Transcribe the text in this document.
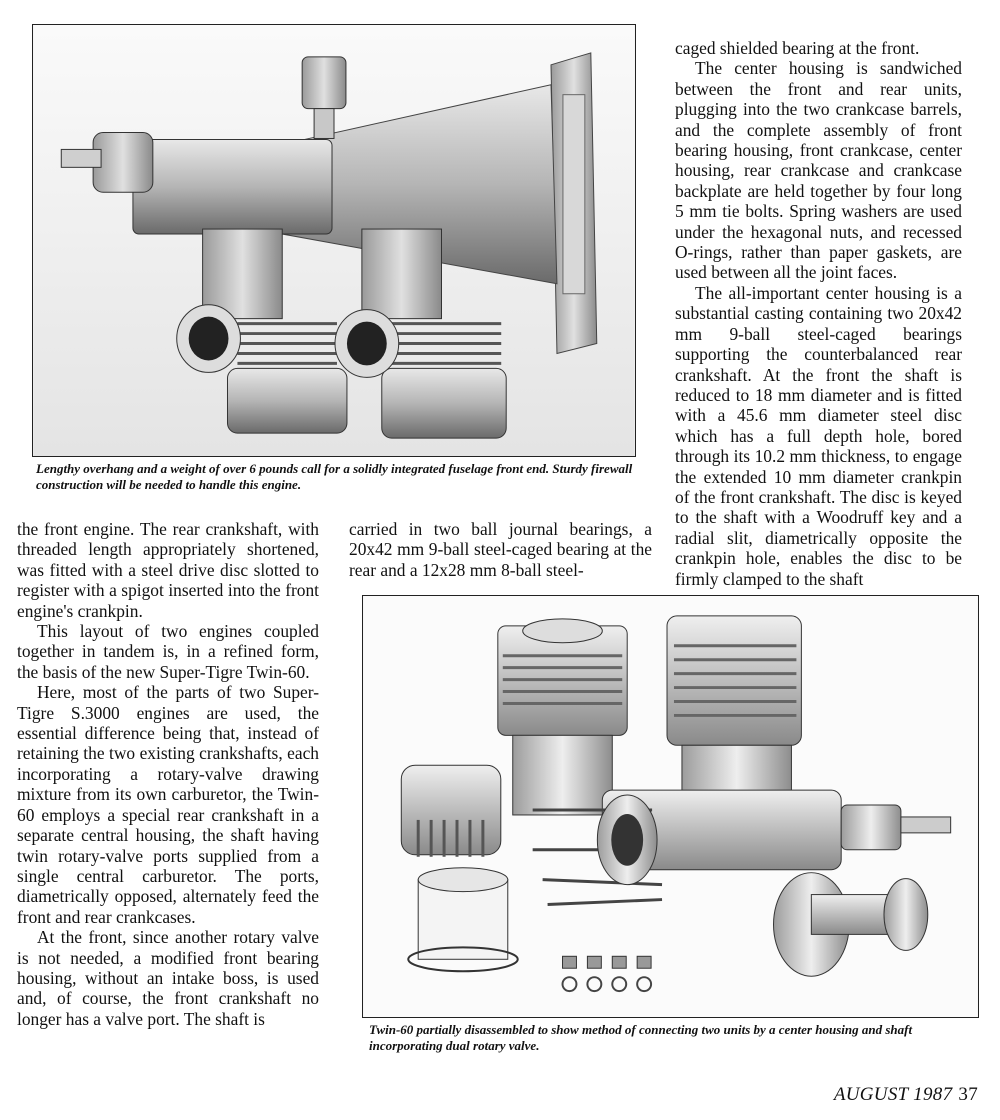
Lengthy overhang and a weight of over 6 pounds call for a solidly integrated fuselage front end. Sturdy firewall construction will be needed to handle this engine.

caged shielded bearing at the front.

The center housing is sandwiched between the front and rear units, plugging into the two crankcase barrels, and the complete assembly of front bearing housing, front crankcase, center housing, rear crankcase and crankcase backplate are held together by four long 5 mm tie bolts. Spring washers are used under the hexagonal nuts, and recessed O-rings, rather than paper gaskets, are used between all the joint faces.

The all-important center housing is a substantial casting containing two 20x42 mm 9-ball steel-caged bearings supporting the counterbalanced rear crankshaft. At the front the shaft is reduced to 18 mm diameter and is fitted with a 45.6 mm diameter steel disc which has a full depth hole, bored through its 10.2 mm thickness, to engage the extended 10 mm diameter crankpin of the front crankshaft. The disc is keyed to the shaft with a Woodruff key and a radial slit, diametrically opposite the crankpin hole, enables the disc to be firmly clamped to the shaft

the front engine. The rear crankshaft, with threaded length appropriately shortened, was fitted with a steel drive disc slotted to register with a spigot inserted into the front engine's crankpin.

This layout of two engines coupled together in tandem is, in a refined form, the basis of the new Super-Tigre Twin-60.

Here, most of the parts of two Super-Tigre S.3000 engines are used, the essential difference being that, instead of retaining the two existing crankshafts, each incorporating a rotary-valve drawing mixture from its own carburetor, the Twin-60 employs a special rear crankshaft in a separate central housing, the shaft having twin rotary-valve ports supplied from a single central carburetor. The ports, diametrically opposed, alternately feed the front and rear crankcases.

At the front, since another rotary valve is not needed, a modified front bearing housing, without an intake boss, is used and, of course, the front crankshaft no longer has a valve port. The shaft is

carried in two ball journal bearings, a 20x42 mm 9-ball steel-caged bearing at the rear and a 12x28 mm 8-ball steel-

Twin-60 partially disassembled to show method of connecting two units by a center housing and shaft incorporating dual rotary valve.
AUGUST 1987 37
